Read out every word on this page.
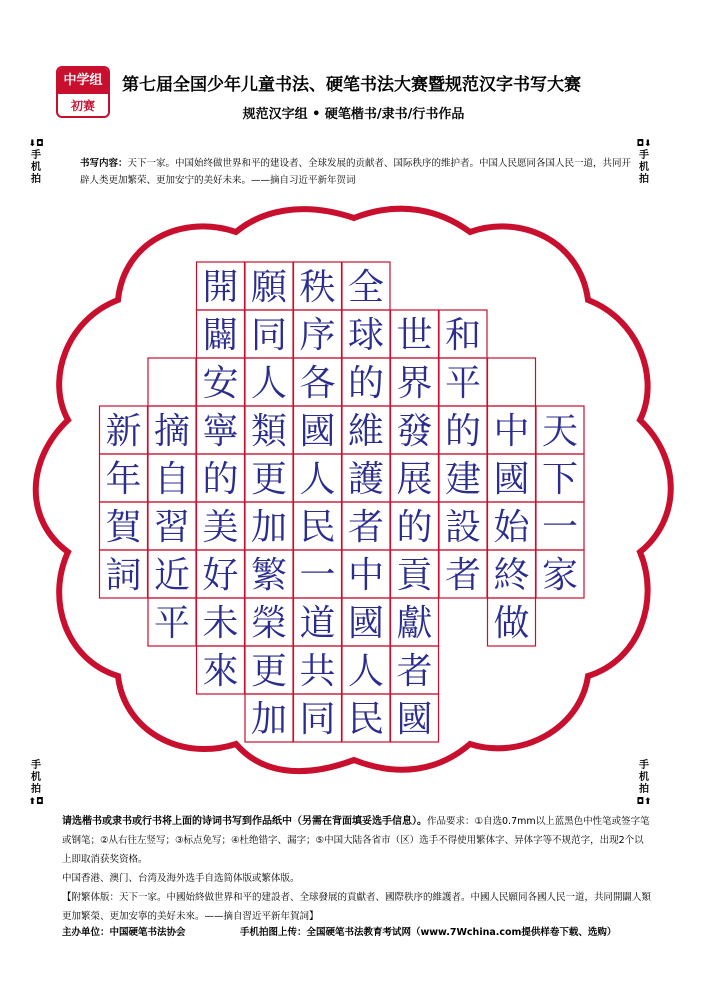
中学组
初赛
第七届全国少年儿童书法、硬笔书法大赛暨规范汉字书写大赛
规范汉字组 • 硬笔楷书/隶书/行书作品
⬇◘
手机拍
◘⬇
手机拍
手机拍
⬆◘
手机拍
◘⬆
书写内容：天下一家。中国始终做世界和平的建设者、全球发展的贡献者、国际秩序的维护者。中国人民愿同各国人民一道，共同开辟人类更加繁荣、更加安宁的美好未来。——摘自习近平新年贺词
天
下
一
家
中
國
始
終
做
和
平
的
建
設
者
世
界
發
展
的
貢
獻
者
國
全
球
的
維
護
者
中
國
人
民
秩
序
各
國
人
民
一
道
共
同
願
同
人
類
更
加
繁
榮
更
加
開
闢
安
寧
的
美
好
未
來
摘
自
習
近
平
新
年
賀
詞
请选楷书或隶书或行书将上面的诗词书写到作品纸中（另需在背面填妥选手信息）。作品要求：①自选0.7mm以上蓝黑色中性笔或签字笔或钢笔；②从右往左竖写；③标点免写；④杜绝错字、漏字；⑤中国大陆各省市（区）选手不得使用繁体字、异体字等不规范字，出现2个以上即取消获奖资格。
中国香港、澳门、台湾及海外选手自选简体版或繁体版。
【附繁体版：天下一家。中國始終做世界和平的建設者、全球發展的貢獻者、國際秩序的維護者。中國人民願同各國人民一道，共同開闢人類更加繁榮、更加安寧的美好未來。——摘自習近平新年賀詞】
主办单位：中国硬笔书法协会	手机拍图上传：全国硬笔书法教育考试网（www.7Wchina.com提供样卷下载、选购）
